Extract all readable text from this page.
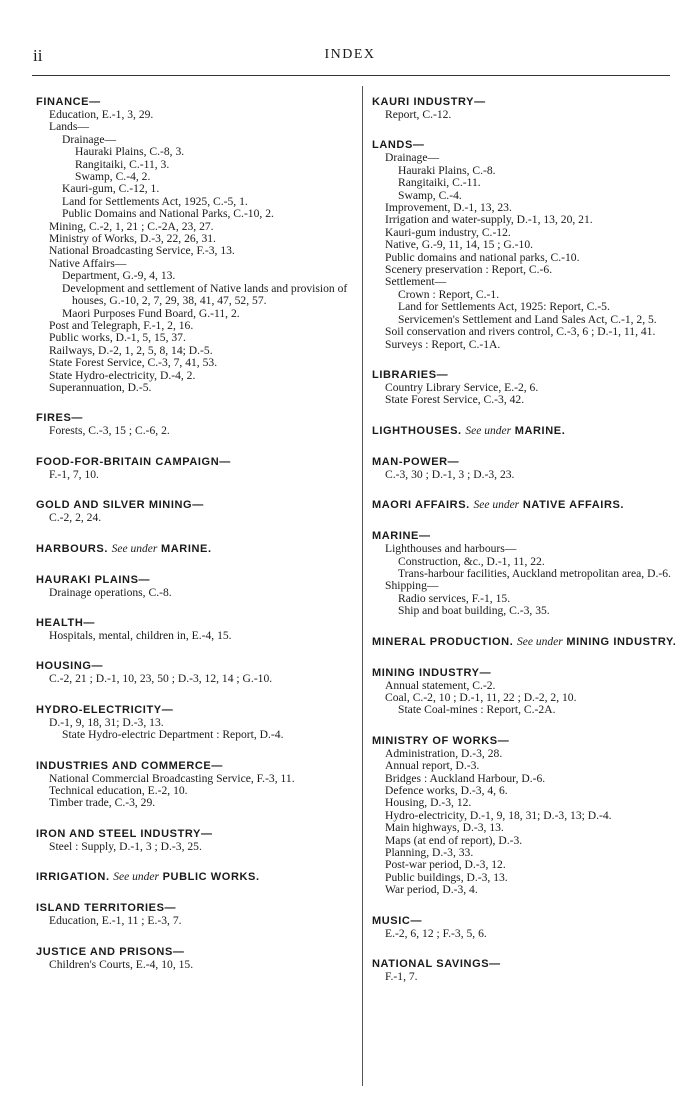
ii	INDEX
FINANCE—
Education, E.-1, 3, 29.
Lands—
Drainage—
Hauraki Plains, C.-8, 3.
Rangitaiki, C.-11, 3.
Swamp, C.-4, 2.
Kauri-gum, C.-12, 1.
Land for Settlements Act, 1925, C.-5, 1.
Public Domains and National Parks, C.-10, 2.
Mining, C.-2, 1, 21 ; C.-2A, 23, 27.
Ministry of Works, D.-3, 22, 26, 31.
National Broadcasting Service, F.-3, 13.
Native Affairs—
Department, G.-9, 4, 13.
Development and settlement of Native lands and provision of houses, G.-10, 2, 7, 29, 38, 41, 47, 52, 57.
Maori Purposes Fund Board, G.-11, 2.
Post and Telegraph, F.-1, 2, 16.
Public works, D.-1, 5, 15, 37.
Railways, D.-2, 1, 2, 5, 8, 14; D.-5.
State Forest Service, C.-3, 7, 41, 53.
State Hydro-electricity, D.-4, 2.
Superannuation, D.-5.
FIRES—
Forests, C.-3, 15 ; C.-6, 2.
FOOD-FOR-BRITAIN CAMPAIGN—
F.-1, 7, 10.
GOLD AND SILVER MINING—
C.-2, 2, 24.
HARBOURS. See under MARINE.
HAURAKI PLAINS—
Drainage operations, C.-8.
HEALTH—
Hospitals, mental, children in, E.-4, 15.
HOUSING—
C.-2, 21 ; D.-1, 10, 23, 50 ; D.-3, 12, 14 ; G.-10.
HYDRO-ELECTRICITY—
D.-1, 9, 18, 31; D.-3, 13.
State Hydro-electric Department : Report, D.-4.
INDUSTRIES AND COMMERCE—
National Commercial Broadcasting Service, F.-3, 11.
Technical education, E.-2, 10.
Timber trade, C.-3, 29.
IRON AND STEEL INDUSTRY—
Steel : Supply, D.-1, 3 ; D.-3, 25.
IRRIGATION. See under PUBLIC WORKS.
ISLAND TERRITORIES—
Education, E.-1, 11 ; E.-3, 7.
JUSTICE AND PRISONS—
Children's Courts, E.-4, 10, 15.
KAURI INDUSTRY—
Report, C.-12.
LANDS—
Drainage—
Hauraki Plains, C.-8.
Rangitaiki, C.-11.
Swamp, C.-4.
Improvement, D.-1, 13, 23.
Irrigation and water-supply, D.-1, 13, 20, 21.
Kauri-gum industry, C.-12.
Native, G.-9, 11, 14, 15 ; G.-10.
Public domains and national parks, C.-10.
Scenery preservation : Report, C.-6.
Settlement—
Crown : Report, C.-1.
Land for Settlements Act, 1925: Report, C.-5.
Servicemen's Settlement and Land Sales Act, C.-1, 2, 5.
Soil conservation and rivers control, C.-3, 6 ; D.-1, 11, 41.
Surveys : Report, C.-1A.
LIBRARIES—
Country Library Service, E.-2, 6.
State Forest Service, C.-3, 42.
LIGHTHOUSES. See under MARINE.
MAN-POWER—
C.-3, 30 ; D.-1, 3 ; D.-3, 23.
MAORI AFFAIRS. See under NATIVE AFFAIRS.
MARINE—
Lighthouses and harbours—
Construction, &c., D.-1, 11, 22.
Trans-harbour facilities, Auckland metropolitan area, D.-6.
Shipping—
Radio services, F.-1, 15.
Ship and boat building, C.-3, 35.
MINERAL PRODUCTION. See under MINING INDUSTRY.
MINING INDUSTRY—
Annual statement, C.-2.
Coal, C.-2, 10 ; D.-1, 11, 22 ; D.-2, 2, 10.
State Coal-mines : Report, C.-2A.
MINISTRY OF WORKS—
Administration, D.-3, 28.
Annual report, D.-3.
Bridges : Auckland Harbour, D.-6.
Defence works, D.-3, 4, 6.
Housing, D.-3, 12.
Hydro-electricity, D.-1, 9, 18, 31; D.-3, 13; D.-4.
Main highways, D.-3, 13.
Maps (at end of report), D.-3.
Planning, D.-3, 33.
Post-war period, D.-3, 12.
Public buildings, D.-3, 13.
War period, D.-3, 4.
MUSIC—
E.-2, 6, 12 ; F.-3, 5, 6.
NATIONAL SAVINGS—
F.-1, 7.
